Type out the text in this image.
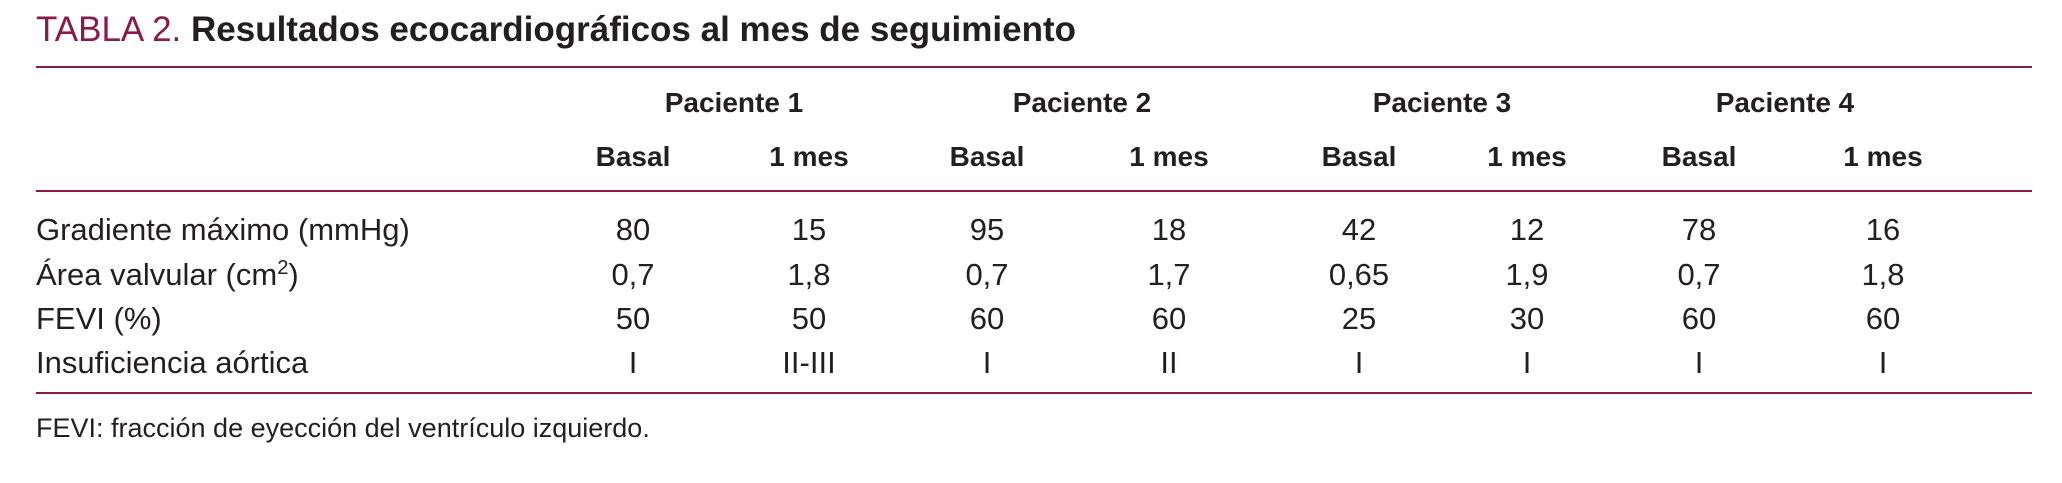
TABLA 2. Resultados ecocardiográficos al mes de seguimiento
Paciente 1	Paciente 2	Paciente 3	Paciente 4
Basal	1 mes	Basal	1 mes	Basal	1 mes	Basal	1 mes
Gradiente máximo (mmHg)	80	15	95	18	42	12	78	16
Área valvular $(cm^2)$	0,7	1,8	0,7	1,7	0,65	1,9	0,7	1,8
FEVI (%)	50	50	60	60	25	30	60	60
Insuficiencia aórtica	I	II-III	I	II	I	I	I	I
FEVI: fracción de eyección del ventrículo izquierdo.
